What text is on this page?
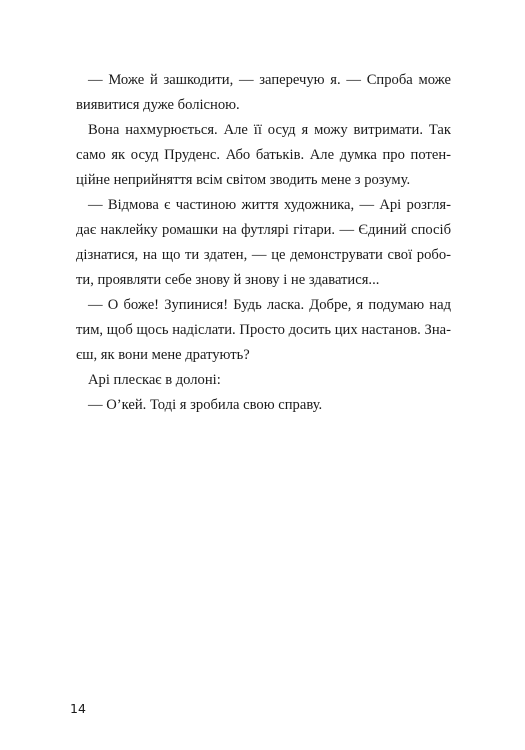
— Може й зашкодити, — заперечую я. — Спроба може
виявитися дуже болісною.
Вона нахмурюється. Але її осуд я можу витримати. Так
само як осуд Пруденс. Або батьків. Але думка про потен-
ційне неприйняття всім світом зводить мене з розуму.
— Відмова є частиною життя художника, — Арі розгля-
дає наклейку ромашки на футлярі гітари. — Єдиний спосіб
дізнатися, на що ти здатен, — це демонструвати свої робо-
ти, проявляти себе знову й знову і не здаватися...
— О боже! Зупинися! Будь ласка. Добре, я подумаю над
тим, щоб щось надіслати. Просто досить цих настанов. Зна-
єш, як вони мене дратують?
Арі плескає в долоні:
— О’кей. Тоді я зробила свою справу.
14
